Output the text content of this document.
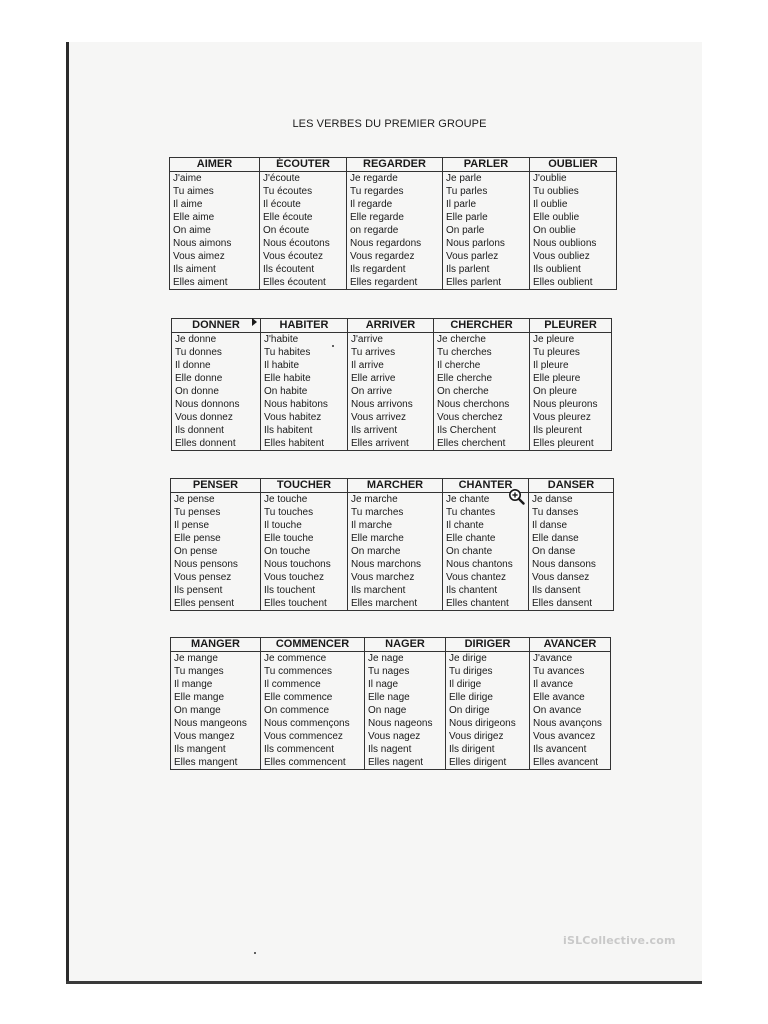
LES VERBES DU PREMIER GROUPE
AIMER	ÉCOUTER	REGARDER	PARLER	OUBLIER
J'aime	J'écoute	Je regarde	Je parle	J'oublie
Tu aimes	Tu écoutes	Tu regardes	Tu parles	Tu oublies
Il aime	Il écoute	Il regarde	Il parle	Il oublie
Elle aime	Elle écoute	Elle regarde	Elle parle	Elle oublie
On aime	On écoute	on regarde	On parle	On oublie
Nous aimons	Nous écoutons	Nous regardons	Nous parlons	Nous oublions
Vous aimez	Vous écoutez	Vous regardez	Vous parlez	Vous oubliez
Ils aiment	Ils écoutent	Ils regardent	Ils parlent	Ils oublient
Elles aiment	Elles écoutent	Elles regardent	Elles parlent	Elles oublient
DONNER	HABITER	ARRIVER	CHERCHER	PLEURER
Je donne	J'habite	J'arrive	Je cherche	Je pleure
Tu donnes	Tu habites	Tu arrives	Tu cherches	Tu pleures
Il donne	Il habite	Il arrive	Il cherche	Il pleure
Elle donne	Elle habite	Elle arrive	Elle cherche	Elle pleure
On donne	On habite	On arrive	On cherche	On pleure
Nous donnons	Nous habitons	Nous arrivons	Nous cherchons	Nous pleurons
Vous donnez	Vous habitez	Vous arrivez	Vous cherchez	Vous pleurez
Ils donnent	Ils habitent	Ils arrivent	Ils Cherchent	Ils pleurent
Elles donnent	Elles habitent	Elles arrivent	Elles cherchent	Elles pleurent
PENSER	TOUCHER	MARCHER	CHANTER	DANSER
Je pense	Je touche	Je marche	Je chante	Je danse
Tu penses	Tu touches	Tu marches	Tu chantes	Tu danses
Il pense	Il touche	Il marche	Il chante	Il danse
Elle pense	Elle touche	Elle marche	Elle chante	Elle danse
On pense	On touche	On marche	On chante	On danse
Nous pensons	Nous touchons	Nous marchons	Nous chantons	Nous dansons
Vous pensez	Vous touchez	Vous marchez	Vous chantez	Vous dansez
Ils pensent	Ils touchent	Ils marchent	Ils chantent	Ils dansent
Elles pensent	Elles touchent	Elles marchent	Elles chantent	Elles dansent
MANGER	COMMENCER	NAGER	DIRIGER	AVANCER
Je mange	Je commence	Je nage	Je dirige	J'avance
Tu manges	Tu commences	Tu nages	Tu diriges	Tu avances
Il mange	Il commence	Il nage	Il dirige	Il avance
Elle mange	Elle commence	Elle nage	Elle dirige	Elle avance
On mange	On commence	On nage	On dirige	On avance
Nous mangeons	Nous commençons	Nous nageons	Nous dirigeons	Nous avançons
Vous mangez	Vous commencez	Vous nagez	Vous dirigez	Vous avancez
Ils mangent	Ils commencent	Ils nagent	Ils dirigent	Ils avancent
Elles mangent	Elles commencent	Elles nagent	Elles dirigent	Elles avancent
iSLCollective.com
